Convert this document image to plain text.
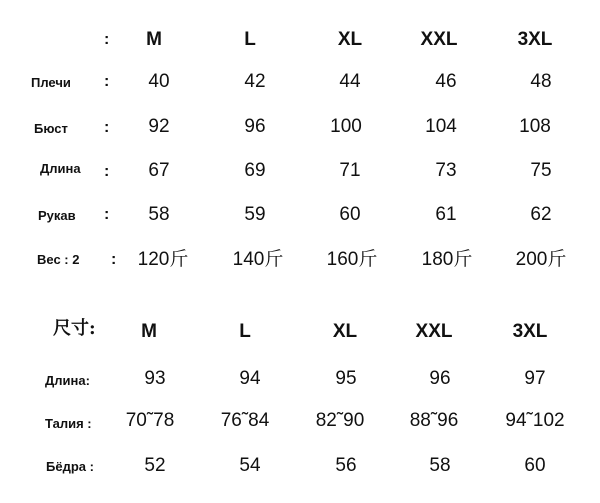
: M	L	XL	XXL	3XL
Плечи : 40	42	44	46	48
Бюст : 92	96	100	104	108
Длина : 67	69	71	73	75
Рукав : 58	59	60	61	62
Вес : 2 : 120斤 140斤 160斤 180斤 200斤
尺寸: M	L	XL	XXL	3XL
Длина:	93	94	95	96	97
Талия : 70˜78 76˜84 82˜90 88˜96 94˜102
Бёдра :	52	54	56	58	60
